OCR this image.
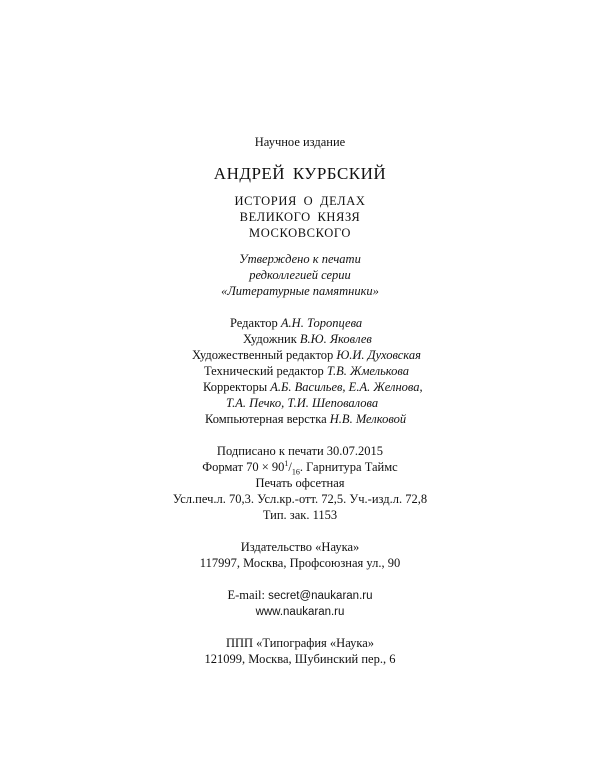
Научное издание
АНДРЕЙ КУРБСКИЙ
ИСТОРИЯ О ДЕЛАХ
ВЕЛИКОГО КНЯЗЯ
МОСКОВСКОГО
Утверждено к печати
редколлегией серии
«Литературные памятники»
Редактор А.Н. Торопцева
Художник В.Ю. Яковлев
Художественный редактор Ю.И. Духовская
Технический редактор Т.В. Жмелькова
Корректоры А.Б. Васильев, Е.А. Желнова,
Т.А. Печко, Т.И. Шеповалова
Компьютерная верстка Н.В. Мелковой
Подписано к печати 30.07.2015
Формат $70 \times 90^1/_{16}$. Гарнитура Таймс
Печать офсетная
Усл.печ.л. 70,3. Усл.кр.-отт. 72,5. Уч.-изд.л. 72,8
Тип. зак. 1153
Издательство «Наука»
117997, Москва, Профсоюзная ул., 90
E-mail: secret@naukaran.ru
www.naukaran.ru
ППП «Типография «Наука»
121099, Москва, Шубинский пер., 6
